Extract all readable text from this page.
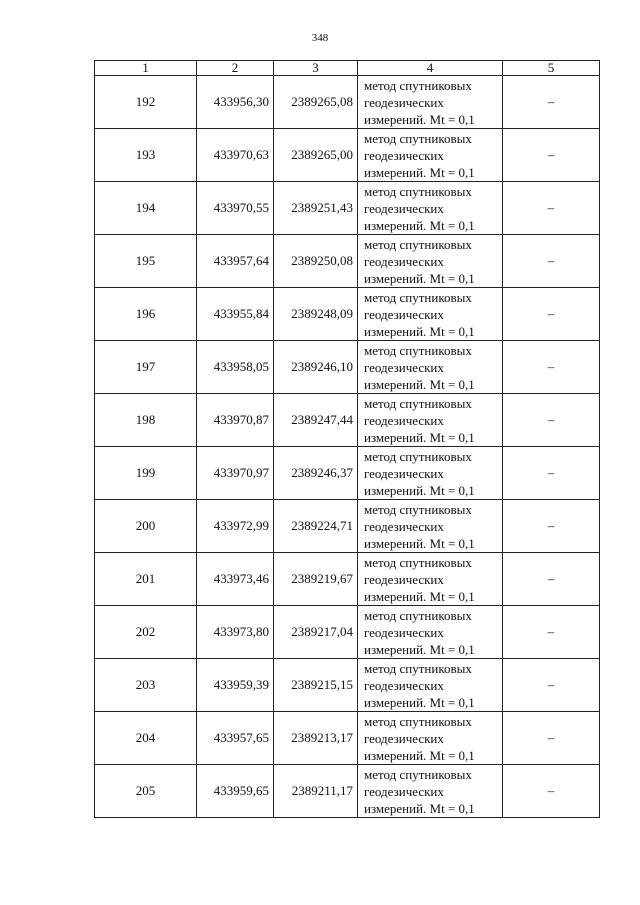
348
1	2	3	4	5
192	433956,30	2389265,08	метод спутниковых
геодезических
измерений. Mt = 0,1	–
193	433970,63	2389265,00	метод спутниковых
геодезических
измерений. Mt = 0,1	–
194	433970,55	2389251,43	метод спутниковых
геодезических
измерений. Mt = 0,1	–
195	433957,64	2389250,08	метод спутниковых
геодезических
измерений. Mt = 0,1	–
196	433955,84	2389248,09	метод спутниковых
геодезических
измерений. Mt = 0,1	–
197	433958,05	2389246,10	метод спутниковых
геодезических
измерений. Mt = 0,1	–
198	433970,87	2389247,44	метод спутниковых
геодезических
измерений. Mt = 0,1	–
199	433970,97	2389246,37	метод спутниковых
геодезических
измерений. Mt = 0,1	–
200	433972,99	2389224,71	метод спутниковых
геодезических
измерений. Mt = 0,1	–
201	433973,46	2389219,67	метод спутниковых
геодезических
измерений. Mt = 0,1	–
202	433973,80	2389217,04	метод спутниковых
геодезических
измерений. Mt = 0,1	–
203	433959,39	2389215,15	метод спутниковых
геодезических
измерений. Mt = 0,1	–
204	433957,65	2389213,17	метод спутниковых
геодезических
измерений. Mt = 0,1	–
205	433959,65	2389211,17	метод спутниковых
геодезических
измерений. Mt = 0,1	–
